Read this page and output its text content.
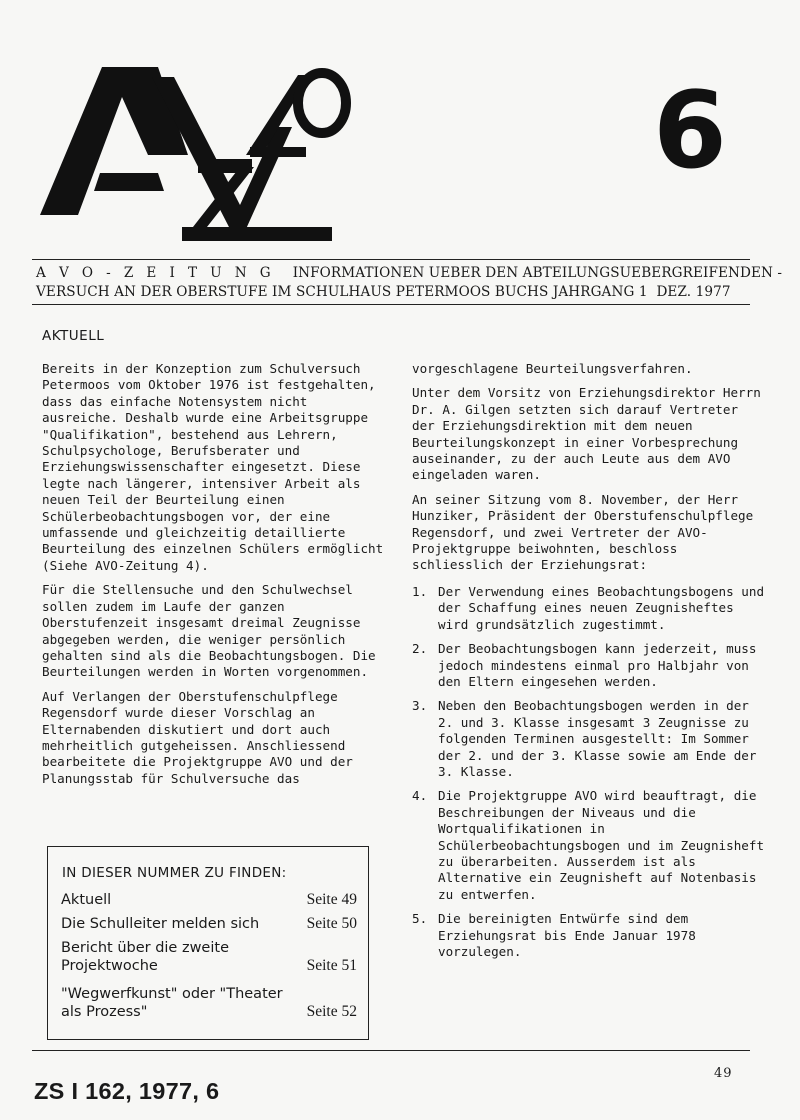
6
A V O - Z E I T U N G INFORMATIONEN UEBER DEN ABTEILUNGSUEBERGREIFENDEN -
VERSUCH AN DER OBERSTUFE IM SCHULHAUS PETERMOOS BUCHS JAHRGANG 1 DEZ. 1977
AKTUELL

Bereits in der Konzeption zum Schulversuch Petermoos vom Oktober 1976 ist festgehalten, dass das einfache Notensystem nicht ausreiche. Deshalb wurde eine Arbeitsgruppe "Qualifikation", bestehend aus Lehrern, Schulpsychologe, Berufsberater und Erziehungswissenschafter eingesetzt. Diese legte nach längerer, intensiver Arbeit als neuen Teil der Beurteilung einen Schülerbeobachtungsbogen vor, der eine umfassende und gleichzeitig detaillierte Beurteilung des einzelnen Schülers ermöglicht (Siehe AVO-Zeitung 4).

Für die Stellensuche und den Schulwechsel sollen zudem im Laufe der ganzen Oberstufenzeit insgesamt dreimal Zeugnisse abgegeben werden, die weniger persönlich gehalten sind als die Beobachtungsbogen. Die Beurteilungen werden in Worten vorgenommen.

Auf Verlangen der Oberstufenschulpflege Regensdorf wurde dieser Vorschlag an Elternabenden diskutiert und dort auch mehrheitlich gutgeheissen. Anschliessend bearbeitete die Projektgruppe AVO und der Planungsstab für Schulversuche das

vorgeschlagene Beurteilungsverfahren.

Unter dem Vorsitz von Erziehungsdirektor Herrn Dr. A. Gilgen setzten sich darauf Vertreter der Erziehungsdirektion mit dem neuen Beurteilungskonzept in einer Vorbesprechung auseinander, zu der auch Leute aus dem AVO eingeladen waren.

An seiner Sitzung vom 8. November, der Herr Hunziker, Präsident der Oberstufenschulpflege Regensdorf, und zwei Vertreter der AVO-Projektgruppe beiwohnten, beschloss schliesslich der Erziehungsrat:

1. Der Verwendung eines Beobachtungsbogens und der Schaffung eines neuen Zeugnisheftes wird grundsätzlich zugestimmt.
2. Der Beobachtungsbogen kann jederzeit, muss jedoch mindestens einmal pro Halbjahr von den Eltern eingesehen werden.
3. Neben den Beobachtungsbogen werden in der 2. und 3. Klasse insgesamt 3 Zeugnisse zu folgenden Terminen ausgestellt: Im Sommer der 2. und der 3. Klasse sowie am Ende der 3. Klasse.
4. Die Projektgruppe AVO wird beauftragt, die Beschreibungen der Niveaus und die Wortqualifikationen in Schülerbeobachtungsbogen und im Zeugnisheft zu überarbeiten. Ausserdem ist als Alternative ein Zeugnisheft auf Notenbasis zu entwerfen.
5. Die bereinigten Entwürfe sind dem Erziehungsrat bis Ende Januar 1978 vorzulegen.
IN DIESER NUMMER ZU FINDEN:
Aktuell	Seite 49
Die Schulleiter melden sich	Seite 50
Bericht über die zweite Projektwoche	Seite 51
"Wegwerfkunst" oder "Theater als Prozess"	Seite 52
49
ZS I 162, 1977, 6
